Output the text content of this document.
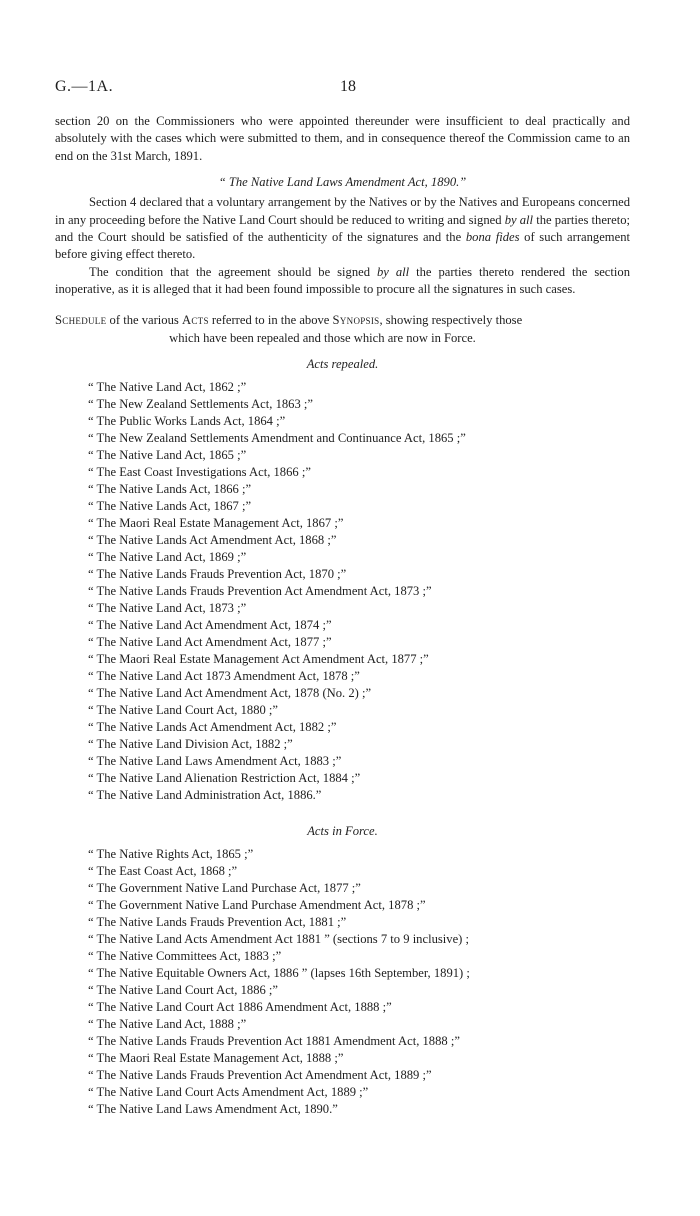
G.—1A.	18

section 20 on the Commissioners who were appointed thereunder were insufficient to deal practically and absolutely with the cases which were submitted to them, and in consequence thereof the Commission came to an end on the 31st March, 1891.

“ The Native Land Laws Amendment Act, 1890.”

Section 4 declared that a voluntary arrangement by the Natives or by the Natives and Europeans concerned in any proceeding before the Native Land Court should be reduced to writing and signed by all the parties thereto; and the Court should be satisfied of the authenticity of the signatures and the bona fides of such arrangement before giving effect thereto.

The condition that the agreement should be signed by all the parties thereto rendered the section inoperative, as it is alleged that it had been found impossible to procure all the signatures in such cases.

Schedule of the various Acts referred to in the above Synopsis, showing respectively those
which have been repealed and those which are now in Force.
Acts repealed.
“ The Native Land Act, 1862 ;”
“ The New Zealand Settlements Act, 1863 ;”
“ The Public Works Lands Act, 1864 ;”
“ The New Zealand Settlements Amendment and Continuance Act, 1865 ;”
“ The Native Land Act, 1865 ;”
“ The East Coast Investigations Act, 1866 ;”
“ The Native Lands Act, 1866 ;”
“ The Native Lands Act, 1867 ;”
“ The Maori Real Estate Management Act, 1867 ;”
“ The Native Lands Act Amendment Act, 1868 ;”
“ The Native Land Act, 1869 ;”
“ The Native Lands Frauds Prevention Act, 1870 ;”
“ The Native Lands Frauds Prevention Act Amendment Act, 1873 ;”
“ The Native Land Act, 1873 ;”
“ The Native Land Act Amendment Act, 1874 ;”
“ The Native Land Act Amendment Act, 1877 ;”
“ The Maori Real Estate Management Act Amendment Act, 1877 ;”
“ The Native Land Act 1873 Amendment Act, 1878 ;”
“ The Native Land Act Amendment Act, 1878 (No. 2) ;”
“ The Native Land Court Act, 1880 ;”
“ The Native Lands Act Amendment Act, 1882 ;”
“ The Native Land Division Act, 1882 ;”
“ The Native Land Laws Amendment Act, 1883 ;”
“ The Native Land Alienation Restriction Act, 1884 ;”
“ The Native Land Administration Act, 1886.”
Acts in Force.
“ The Native Rights Act, 1865 ;”
“ The East Coast Act, 1868 ;”
“ The Government Native Land Purchase Act, 1877 ;”
“ The Government Native Land Purchase Amendment Act, 1878 ;”
“ The Native Lands Frauds Prevention Act, 1881 ;”
“ The Native Land Acts Amendment Act 1881 ” (sections 7 to 9 inclusive) ;
“ The Native Committees Act, 1883 ;”
“ The Native Equitable Owners Act, 1886 ” (lapses 16th September, 1891) ;
“ The Native Land Court Act, 1886 ;”
“ The Native Land Court Act 1886 Amendment Act, 1888 ;”
“ The Native Land Act, 1888 ;”
“ The Native Lands Frauds Prevention Act 1881 Amendment Act, 1888 ;”
“ The Maori Real Estate Management Act, 1888 ;”
“ The Native Lands Frauds Prevention Act Amendment Act, 1889 ;”
“ The Native Land Court Acts Amendment Act, 1889 ;”
“ The Native Land Laws Amendment Act, 1890.”
